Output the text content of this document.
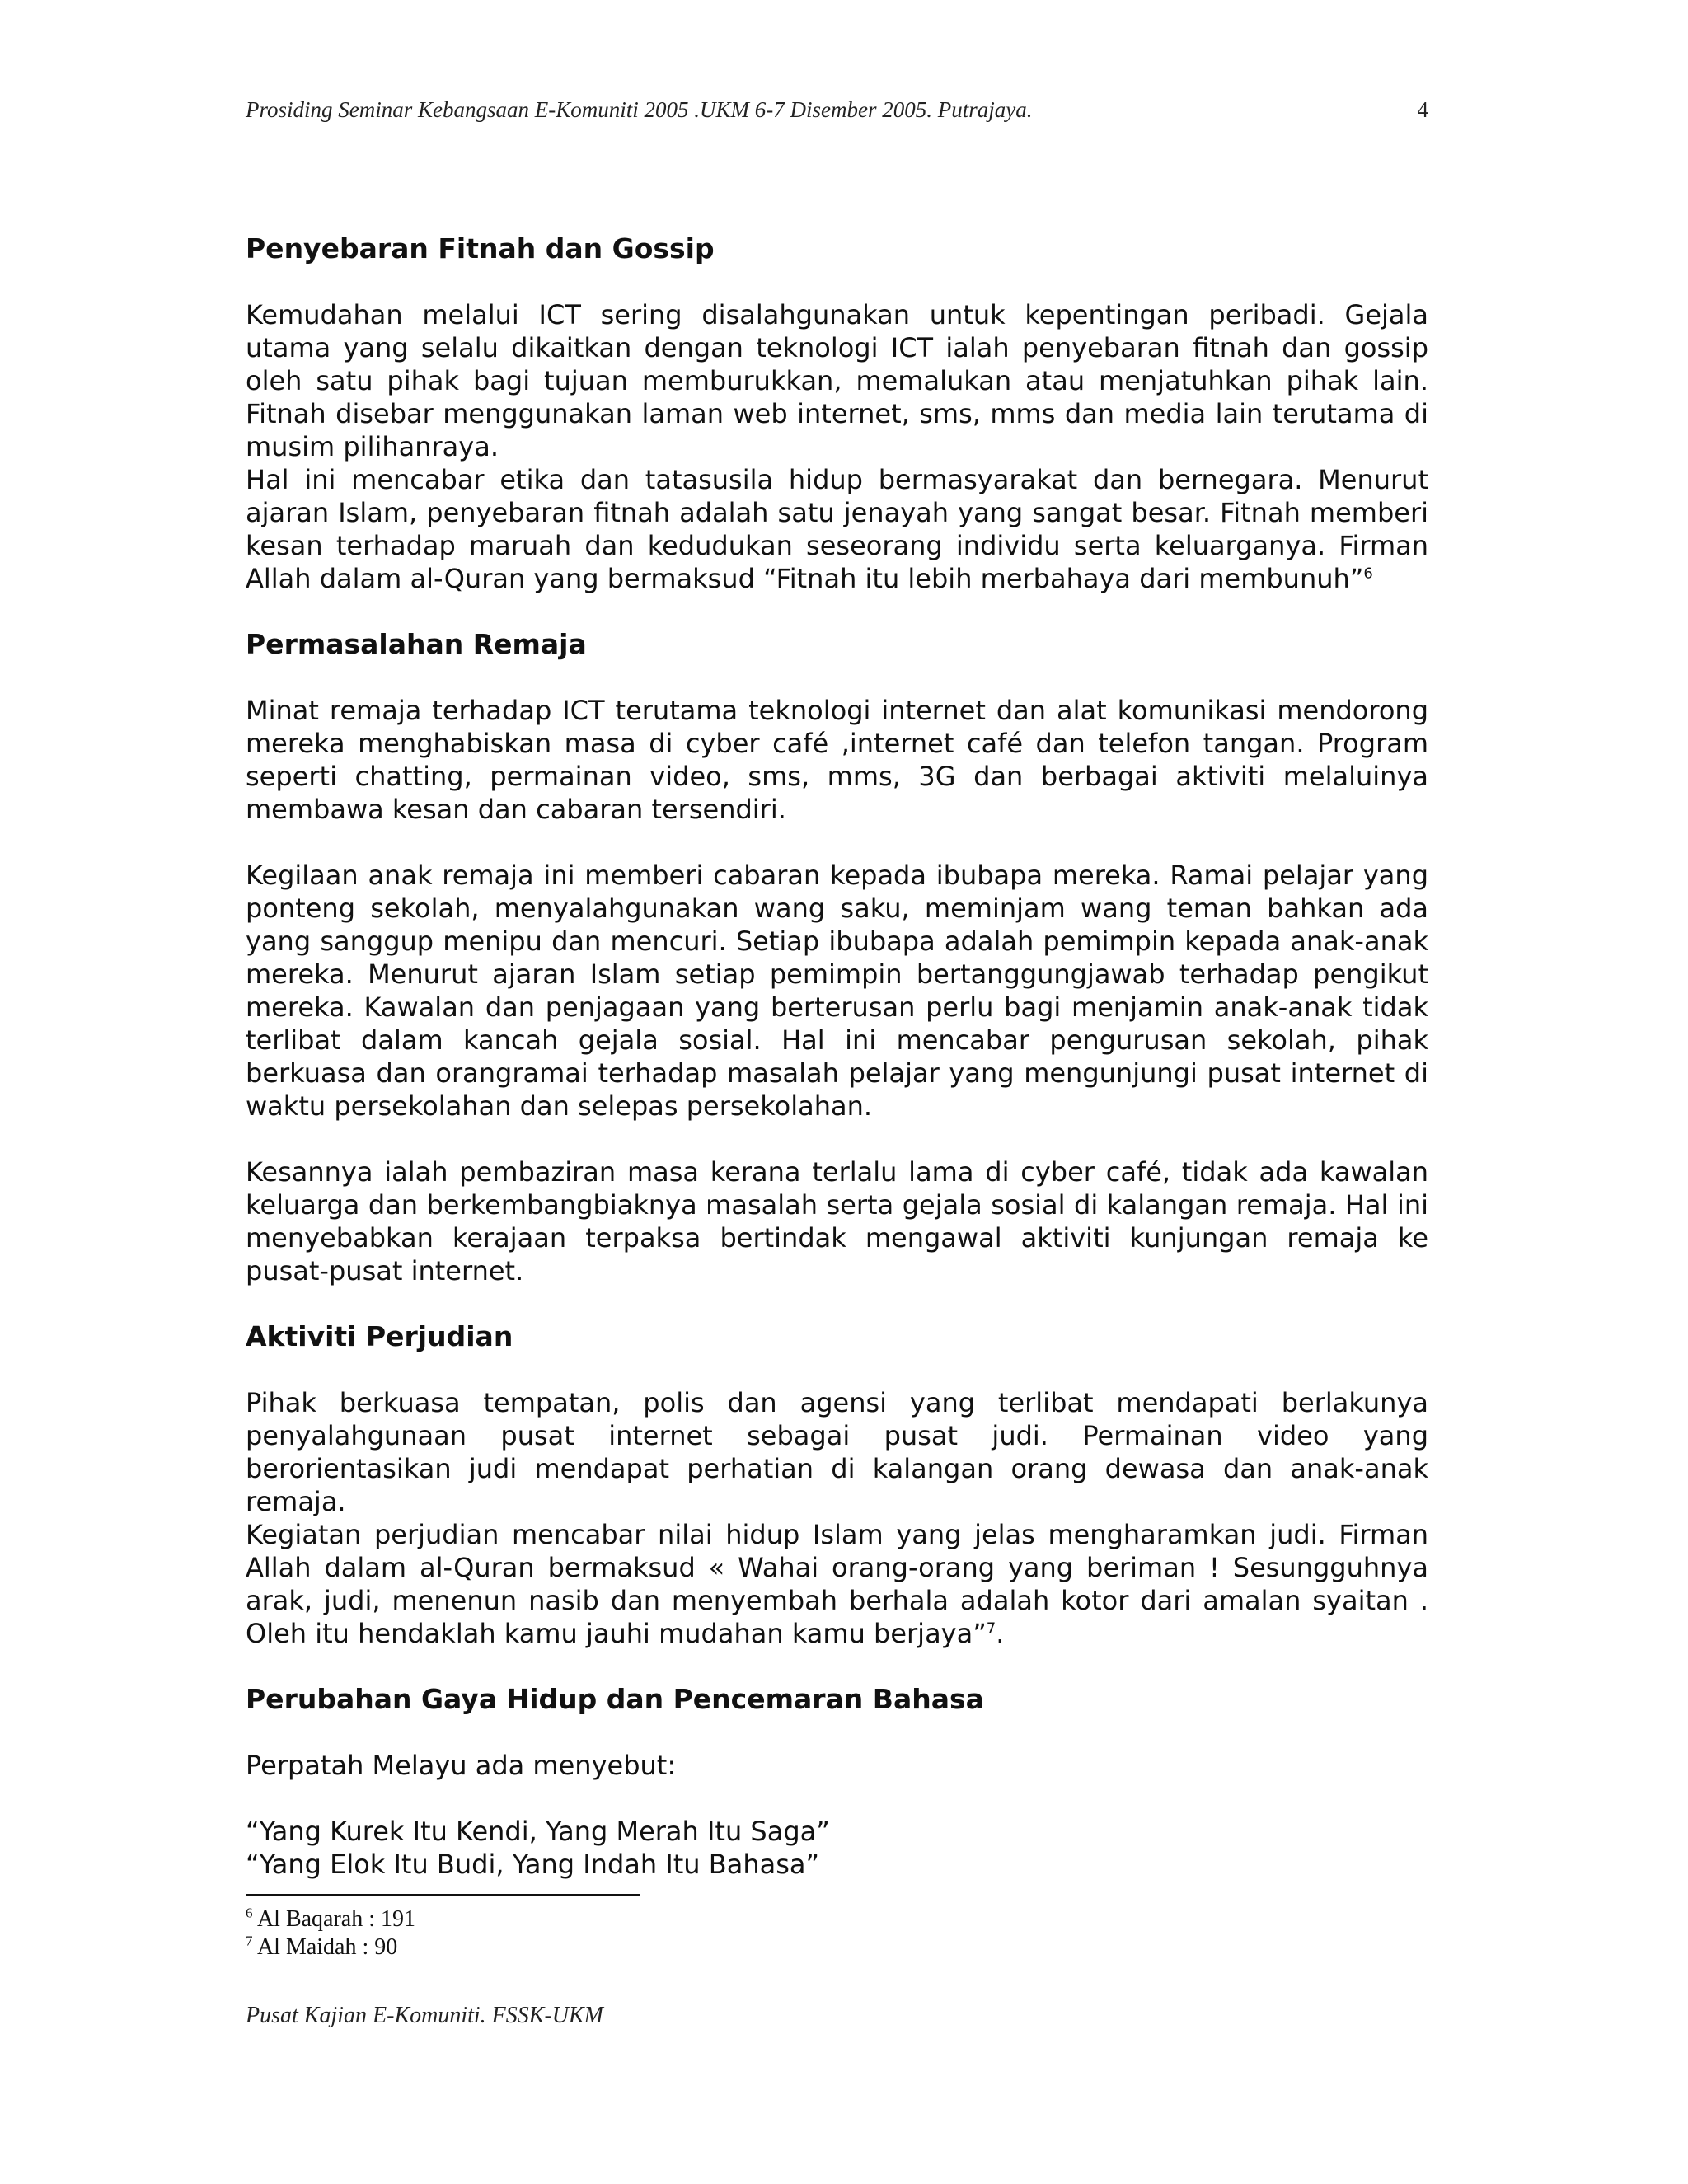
Prosiding Seminar Kebangsaan E-Komuniti 2005 .UKM 6-7 Disember 2005. Putrajaya.	4
Penyebaran Fitnah dan Gossip

Kemudahan melalui ICT sering disalahgunakan untuk kepentingan peribadi. Gejala utama yang selalu dikaitkan dengan teknologi ICT ialah penyebaran fitnah dan gossip oleh satu pihak bagi tujuan memburukkan, memalukan atau menjatuhkan pihak lain. Fitnah disebar menggunakan laman web internet, sms, mms dan media lain terutama di musim pilihanraya.

Hal ini mencabar etika dan tatasusila hidup bermasyarakat dan bernegara. Menurut ajaran Islam, penyebaran fitnah adalah satu jenayah yang sangat besar. Fitnah memberi kesan terhadap maruah dan kedudukan seseorang individu serta keluarganya. Firman Allah dalam al-Quran yang bermaksud “Fitnah itu lebih merbahaya dari membunuh”$^6$

Permasalahan Remaja

Minat remaja terhadap ICT terutama teknologi internet dan alat komunikasi mendorong mereka menghabiskan masa di cyber café ,internet café dan telefon tangan. Program seperti chatting, permainan video, sms, mms, 3G dan berbagai aktiviti melaluinya membawa kesan dan cabaran tersendiri.

Kegilaan anak remaja ini memberi cabaran kepada ibubapa mereka. Ramai pelajar yang ponteng sekolah, menyalahgunakan wang saku, meminjam wang teman bahkan ada yang sanggup menipu dan mencuri. Setiap ibubapa adalah pemimpin kepada anak-anak mereka. Menurut ajaran Islam setiap pemimpin bertanggungjawab terhadap pengikut mereka. Kawalan dan penjagaan yang berterusan perlu bagi menjamin anak-anak tidak terlibat dalam kancah gejala sosial. Hal ini mencabar pengurusan sekolah, pihak berkuasa dan orangramai terhadap masalah pelajar yang mengunjungi pusat internet di waktu persekolahan dan selepas persekolahan.

Kesannya ialah pembaziran masa kerana terlalu lama di cyber café, tidak ada kawalan keluarga dan berkembangbiaknya masalah serta gejala sosial di kalangan remaja. Hal ini menyebabkan kerajaan terpaksa bertindak mengawal aktiviti kunjungan remaja ke pusat-pusat internet.

Aktiviti Perjudian

Pihak berkuasa tempatan, polis dan agensi yang terlibat mendapati berlakunya penyalahgunaan pusat internet sebagai pusat judi. Permainan video yang berorientasikan judi mendapat perhatian di kalangan orang dewasa dan anak-anak remaja.

Kegiatan perjudian mencabar nilai hidup Islam yang jelas mengharamkan judi. Firman Allah dalam al-Quran bermaksud « Wahai orang-orang yang beriman ! Sesungguhnya arak, judi, menenun nasib dan menyembah berhala adalah kotor dari amalan syaitan . Oleh itu hendaklah kamu jauhi mudahan kamu berjaya”$^7$.

Perubahan Gaya Hidup dan Pencemaran Bahasa

Perpatah Melayu ada menyebut:

“Yang Kurek Itu Kendi, Yang Merah Itu Saga”

“Yang Elok Itu Budi, Yang Indah Itu Bahasa”

$^6$ Al Baqarah : 191

$^7$ Al Maidah : 90

Pusat Kajian E-Komuniti. FSSK-UKM
